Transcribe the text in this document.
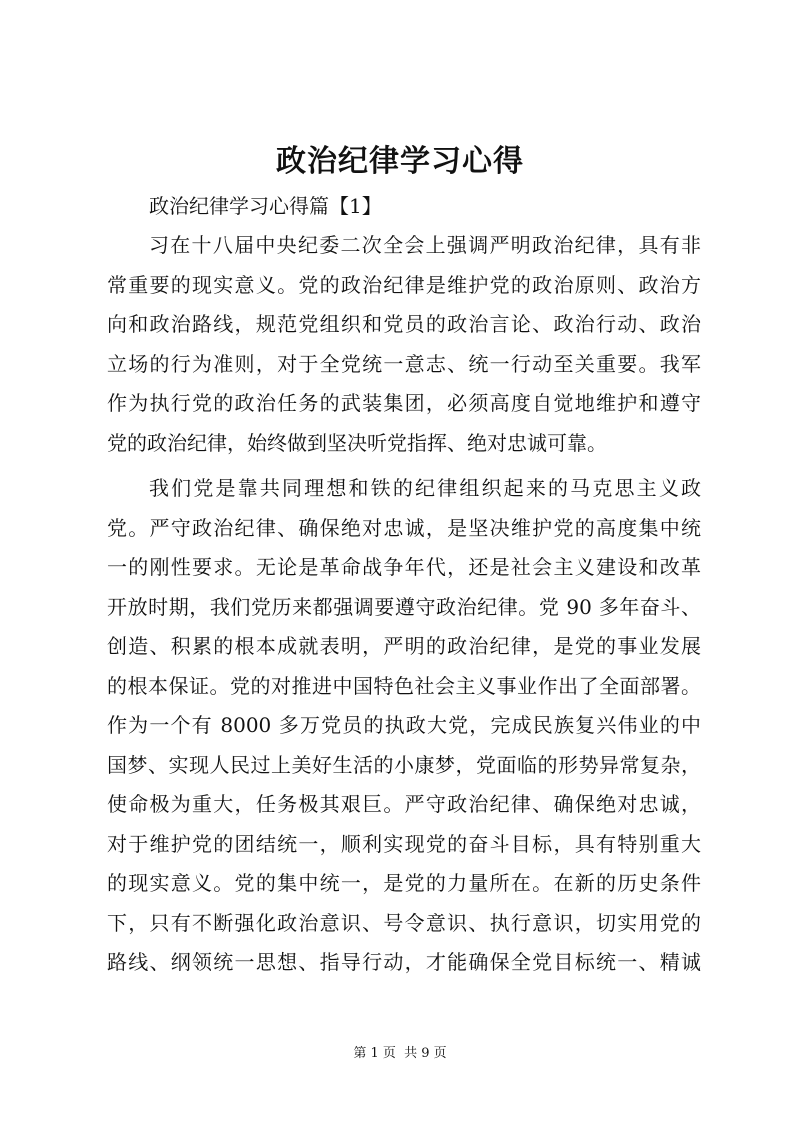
政治纪律学习心得
政治纪律学习心得篇【1】
习在十八届中央纪委二次全会上强调严明政治纪律，具有非
常重要的现实意义。党的政治纪律是维护党的政治原则、政治方
向和政治路线，规范党组织和党员的政治言论、政治行动、政治
立场的行为准则，对于全党统一意志、统一行动至关重要。我军
作为执行党的政治任务的武装集团，必须高度自觉地维护和遵守
党的政治纪律，始终做到坚决听党指挥、绝对忠诚可靠。
我们党是靠共同理想和铁的纪律组织起来的马克思主义政
党。严守政治纪律、确保绝对忠诚，是坚决维护党的高度集中统
一的刚性要求。无论是革命战争年代，还是社会主义建设和改革
开放时期，我们党历来都强调要遵守政治纪律。党 90 多年奋斗、
创造、积累的根本成就表明，严明的政治纪律，是党的事业发展
的根本保证。党的对推进中国特色社会主义事业作出了全面部署。
作为一个有 8000 多万党员的执政大党，完成民族复兴伟业的中
国梦、实现人民过上美好生活的小康梦，党面临的形势异常复杂，
使命极为重大，任务极其艰巨。严守政治纪律、确保绝对忠诚，
对于维护党的团结统一，顺利实现党的奋斗目标，具有特别重大
的现实意义。党的集中统一，是党的力量所在。在新的历史条件
下，只有不断强化政治意识、号令意识、执行意识，切实用党的
路线、纲领统一思想、指导行动，才能确保全党目标统一、精诚
第 1 页 共 9 页
